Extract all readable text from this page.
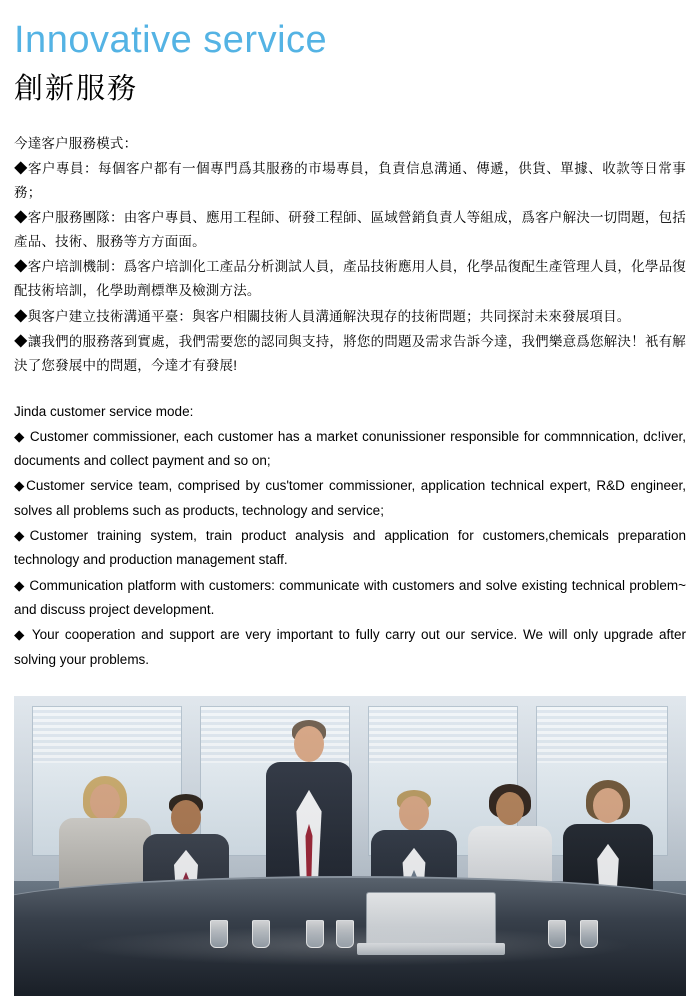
Innovative service
創新服務

今達客户服務模式：

◆客户專員：每個客户都有一個專門爲其服務的市場專員，負責信息溝通、傳遞，供貨、單據、收款等日常事務；

◆客户服務團隊：由客户專員、應用工程師、研發工程師、區域營銷負責人等組成，爲客户解決一切問題，包括產品、技術、服務等方方面面。

◆客户培訓機制：爲客户培訓化工產品分析測試人員，產品技術應用人員，化學品復配生產管理人員，化學品復配技術培訓，化學助劑標準及檢測方法。

◆與客户建立技術溝通平臺：與客户相關技術人員溝通解決現存的技術問題；共同探討未來發展項目。

◆讓我們的服務落到實處，我們需要您的認同與支持，將您的問題及需求告訴今達，我們樂意爲您解決！衹有解決了您發展中的問題，今達才有發展!

Jinda customer service mode:

◆ Customer commissioner, each customer has a market conunissioner responsible for commnnication, dc!iver, documents and collect payment and so on;

◆Customer service team, comprised by cus'tomer commissioner, application technical expert, R&D engineer, solves all problems such as products, technology and service;

◆Customer training system, train product analysis and application for customers,chemicals preparation technology and production management staff.

◆ Communication platform with customers: communicate with customers and solve existing technical problem~ and discuss project development.

◆ Your cooperation and support are very important to fully carry out our service. We will only upgrade after solving your problems.
